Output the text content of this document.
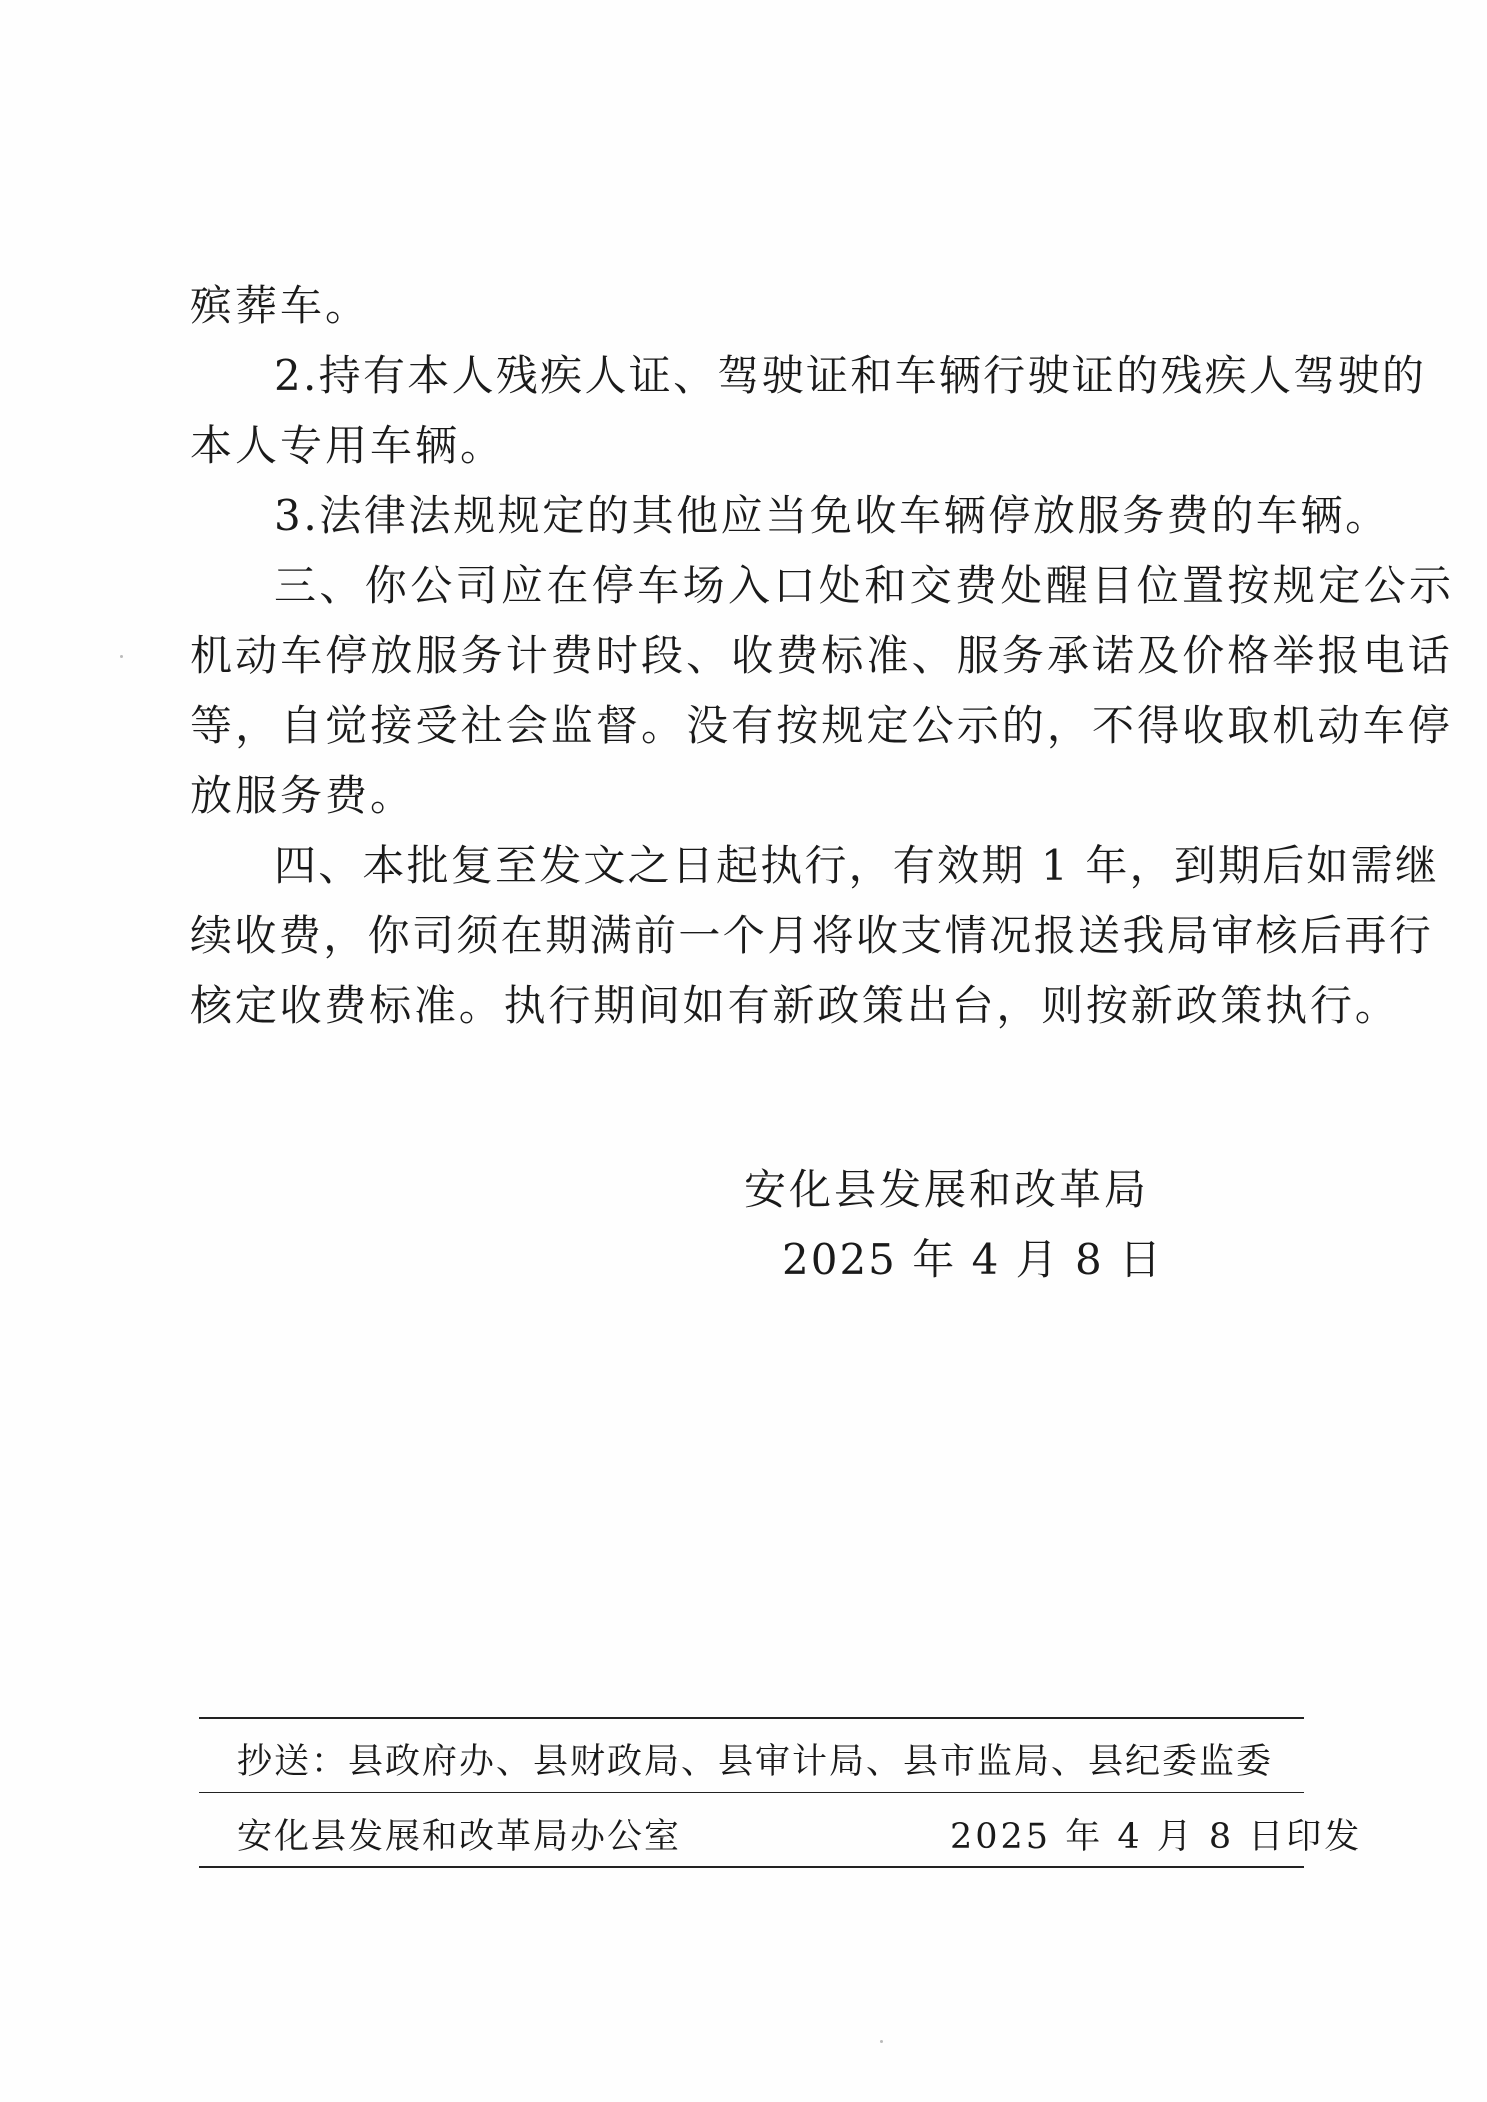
殡葬车。
2.持有本人残疾人证、驾驶证和车辆行驶证的残疾人驾驶的
本人专用车辆。
3.法律法规规定的其他应当免收车辆停放服务费的车辆。
三、你公司应在停车场入口处和交费处醒目位置按规定公示
机动车停放服务计费时段、收费标准、服务承诺及价格举报电话
等，自觉接受社会监督。没有按规定公示的，不得收取机动车停
放服务费。
四、本批复至发文之日起执行，有效期 1 年，到期后如需继
续收费，你司须在期满前一个月将收支情况报送我局审核后再行
核定收费标准。执行期间如有新政策出台，则按新政策执行。
安化县发展和改革局
2025 年 4 月 8 日
抄送：县政府办、县财政局、县审计局、县市监局、县纪委监委
安化县发展和改革局办公室	2025 年 4 月 8 日印发
